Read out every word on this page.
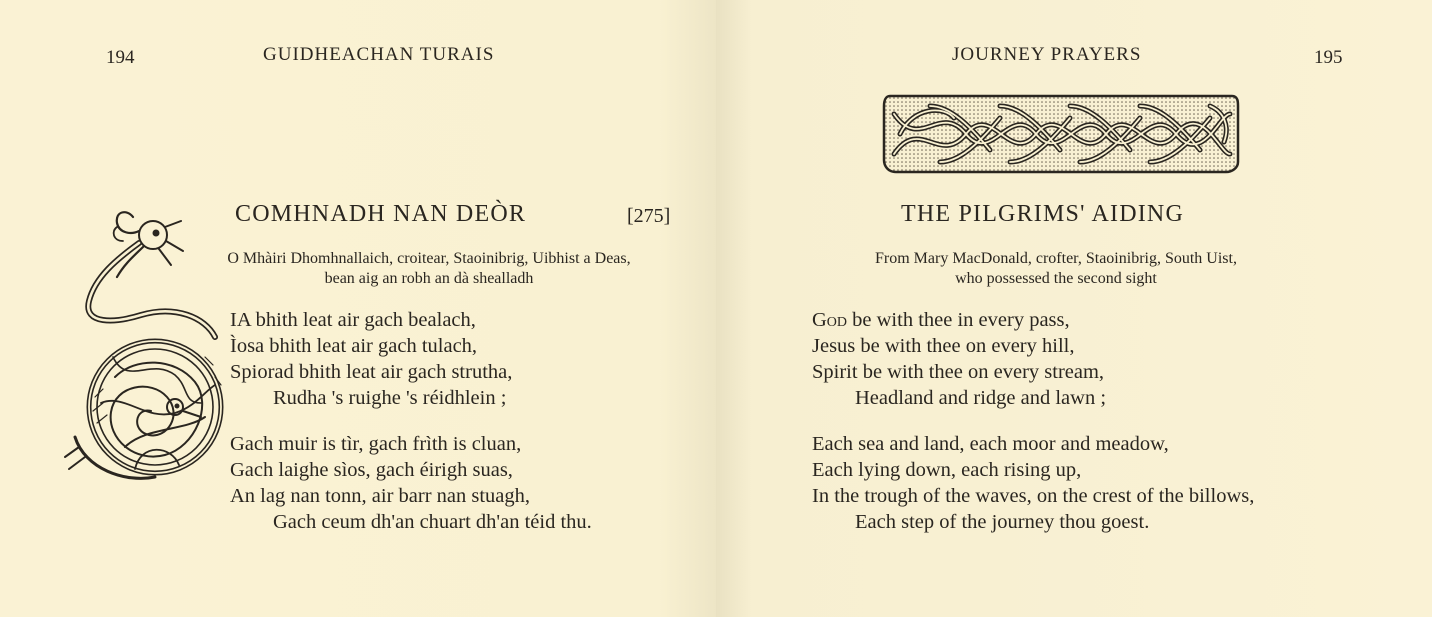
194	GUIDHEACHAN TURAIS
COMHNADH NAN DEÒR	[275]
O Mhàiri Dhomhnallaich, croitear, Staoinibrig, Uibhist a Deas,
bean aig an robh an dà shealladh
IA bhith leat air gach bealach,
Ìosa bhith leat air gach tulach,
Spiorad bhith leat air gach strutha,
Rudha 's ruighe 's réidhlein ;
Gach muir is tìr, gach frìth is cluan,
Gach laighe sìos, gach éirigh suas,
An lag nan tonn, air barr nan stuagh,
Gach ceum dh'an chuart dh'an téid thu.
JOURNEY PRAYERS	195
THE PILGRIMS' AIDING
From Mary MacDonald, crofter, Staoinibrig, South Uist,
who possessed the second sight
God be with thee in every pass,
Jesus be with thee on every hill,
Spirit be with thee on every stream,
Headland and ridge and lawn ;
Each sea and land, each moor and meadow,
Each lying down, each rising up,
In the trough of the waves, on the crest of the billows,
Each step of the journey thou goest.
